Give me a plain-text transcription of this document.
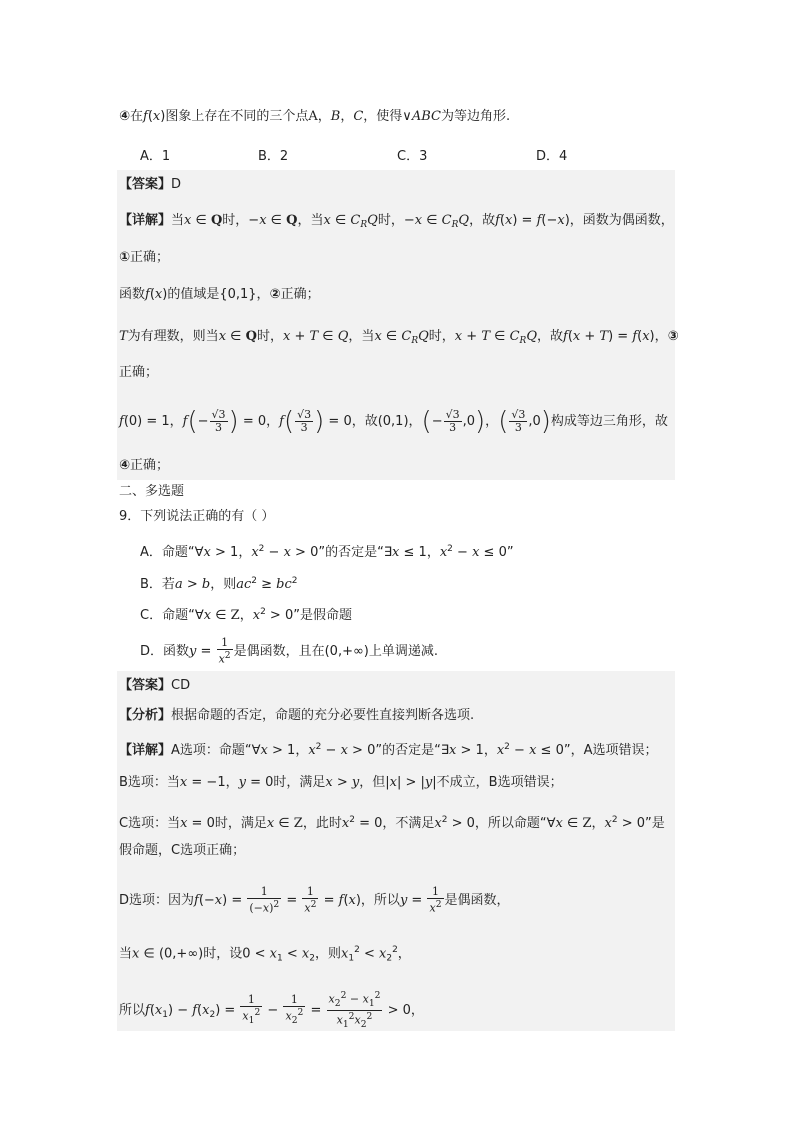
④在f(x)图象上存在不同的三个点A，B，C，使得∨ABC为等边角形.
A．1	B．2	C．3	D．4
【答案】D
【详解】当x ∈ Q时，−x ∈ Q，当x ∈ $C_RQ$时，−x ∈ $C_RQ$，故f(x) = f(−x)，函数为偶函数，
①正确；
函数f(x)的值域是{0,1}，②正确；
T为有理数，则当x ∈ Q时，x + T ∈ Q，当x ∈ $C_RQ$时，x + T ∈ $C_RQ$，故f(x + T) = f(x)，③
正确；
f(0) = 1，$f(- \frac{√3}{3}$ ) = 0，$f( \frac{√3}{3}$ ) = 0，故(0,1)，(− $\frac{√3}{3} ,0$)，( $\frac{√3}{3} ,0$)构成等边三角形，故
④正确；
二、多选题
9．下列说法正确的有（ ）
A．命题“∀x > 1，$x^2 - x > 0$”的否定是“∃x ≤ 1，$x^2 - x \le 0$”
B．若a > b，则$ac^2 \ge bc^2$
C．命题“∀x ∈ Z，$x^2 > 0$”是假命题
D．函数$y = \frac{1}{x^2}$ 是偶函数，且在(0,+∞)上单调递减.
【答案】CD
【分析】根据命题的否定，命题的充分必要性直接判断各选项.
【详解】A选项：命题“∀x > 1，$x^2 - x > 0$”的否定是“∃x > 1，$x^2 - x \le 0$”，A选项错误；
B选项：当x = −1，y = 0时，满足x > y，但|x| > |y|不成立，B选项错误；
C选项：当x = 0时，满足x ∈ Z，此时$x^2 = 0$，不满足$x^2 > 0$，所以命题“∀x ∈ Z，$x^2 > 0$”是
假命题，C选项正确；
D选项：因为$f(-x) = \frac{1}{(-x)^2} = \frac{1}{x^2} = f(x)$，所以$y = \frac{1}{x^2}$ 是偶函数，
当x ∈ (0,+∞)时，设$0 < x_1 < x_2$，则$x_1^2 < x_2^2$，
所以$f(x_1) - f(x_2) = \frac{1}{x_1^2} - \frac{1}{x_2^2} = \frac{x_2^2 - x_1^2}{x_1^2x_2^2} > 0$，
